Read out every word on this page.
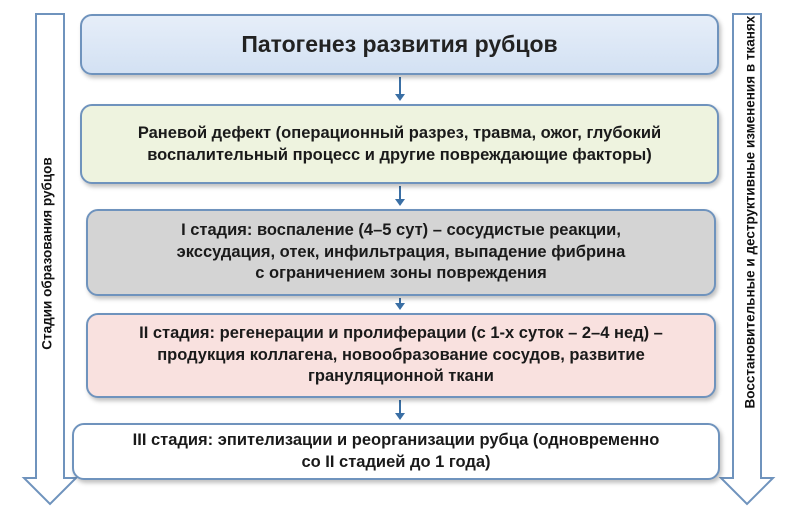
Патогенез развития рубцов
Раневой дефект (операционный разрез, травма, ожог, глубокий
воспалительный процесс и другие повреждающие факторы)
I стадия: воспаление (4–5 сут) – сосудистые реакции,
экссудация, отек, инфильтрация, выпадение фибрина
с ограничением зоны повреждения
II стадия: регенерации и пролиферации (с 1-х суток – 2–4 нед) –
продукция коллагена, новообразование сосудов, развитие
грануляционной ткани
III стадия: эпителизации и реорганизации рубца (одновременно
со II стадией до 1 года)
Стадии образования рубцов	Восстановительные и деструктивные изменения в тканях
